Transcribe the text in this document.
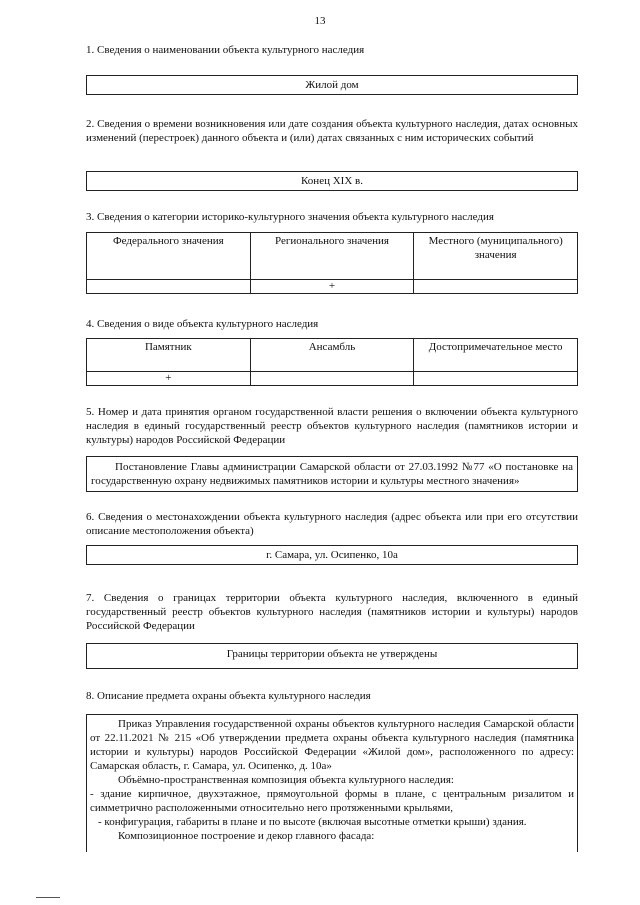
13
1. Сведения о наименовании объекта культурного наследия
Жилой дом
2. Сведения о времени возникновения или дате создания объекта культурного наследия, датах основных изменений (перестроек) данного объекта и (или) датах связанных с ним исторических событий
Конец XIX в.
3. Сведения о категории историко-культурного значения объекта культурного наследия
Федерального значения	Регионального значения	Местного (муниципального) значения
	+	
4. Сведения о виде объекта культурного наследия
Памятник	Ансамбль	Достопримечательное место
+		
5. Номер и дата принятия органом государственной власти решения о включении объекта культурного наследия в единый государственный реестр объектов культурного наследия (памятников истории и культуры) народов Российской Федерации
Постановление Главы администрации Самарской области от 27.03.1992 №77 «О постановке на государственную охрану недвижимых памятников истории и культуры местного значения»
6. Сведения о местонахождении объекта культурного наследия (адрес объекта или при его отсутствии описание местоположения объекта)
г. Самара, ул. Осипенко, 10а
7. Сведения о границах территории объекта культурного наследия, включенного в единый государственный реестр объектов культурного наследия (памятников истории и культуры) народов Российской Федерации
Границы территории объекта не утверждены
8. Описание предмета охраны объекта культурного наследия

Приказ Управления государственной охраны объектов культурного наследия Самарской области от 22.11.2021 № 215 «Об утверждении предмета охраны объекта культурного наследия (памятника истории и культуры) народов Российской Федерации «Жилой дом», расположенного по адресу: Самарская область, г. Самара, ул. Осипенко, д. 10а»

Объёмно-пространственная композиция объекта культурного наследия:

- здание кирпичное, двухэтажное, прямоугольной формы в плане, с центральным ризалитом и симметрично расположенными относительно него протяженными крыльями,

- конфигурация, габариты в плане и по высоте (включая высотные отметки крыши) здания.

Композиционное построение и декор главного фасада:
